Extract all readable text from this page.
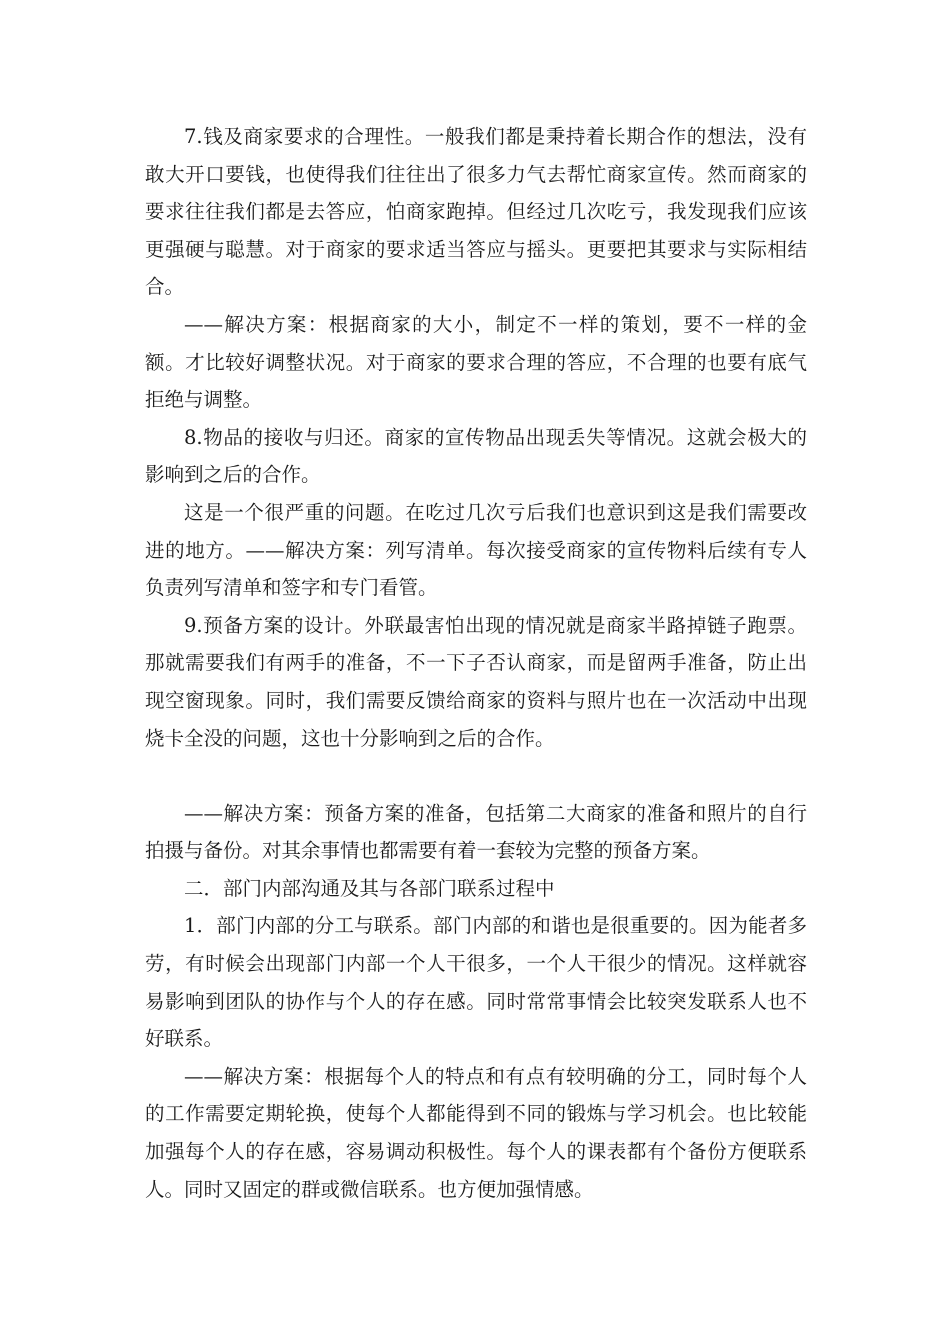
7.钱及商家要求的合理性。一般我们都是秉持着长期合作的想法，没有敢大开口要钱，也使得我们往往出了很多力气去帮忙商家宣传。然而商家的要求往往我们都是去答应，怕商家跑掉。但经过几次吃亏，我发现我们应该更强硬与聪慧。对于商家的要求适当答应与摇头。更要把其要求与实际相结合。

——解决方案：根据商家的大小，制定不一样的策划，要不一样的金额。才比较好调整状况。对于商家的要求合理的答应，不合理的也要有底气拒绝与调整。

8.物品的接收与归还。商家的宣传物品出现丢失等情况。这就会极大的影响到之后的合作。

这是一个很严重的问题。在吃过几次亏后我们也意识到这是我们需要改进的地方。——解决方案：列写清单。每次接受商家的宣传物料后续有专人负责列写清单和签字和专门看管。

9.预备方案的设计。外联最害怕出现的情况就是商家半路掉链子跑票。那就需要我们有两手的准备，不一下子否认商家，而是留两手准备，防止出现空窗现象。同时，我们需要反馈给商家的资料与照片也在一次活动中出现烧卡全没的问题，这也十分影响到之后的合作。

——解决方案：预备方案的准备，包括第二大商家的准备和照片的自行拍摄与备份。对其余事情也都需要有着一套较为完整的预备方案。

二．部门内部沟通及其与各部门联系过程中

1．部门内部的分工与联系。部门内部的和谐也是很重要的。因为能者多劳，有时候会出现部门内部一个人干很多，一个人干很少的情况。这样就容易影响到团队的协作与个人的存在感。同时常常事情会比较突发联系人也不好联系。

——解决方案：根据每个人的特点和有点有较明确的分工，同时每个人的工作需要定期轮换，使每个人都能得到不同的锻炼与学习机会。也比较能加强每个人的存在感，容易调动积极性。每个人的课表都有个备份方便联系人。同时又固定的群或微信联系。也方便加强情感。
